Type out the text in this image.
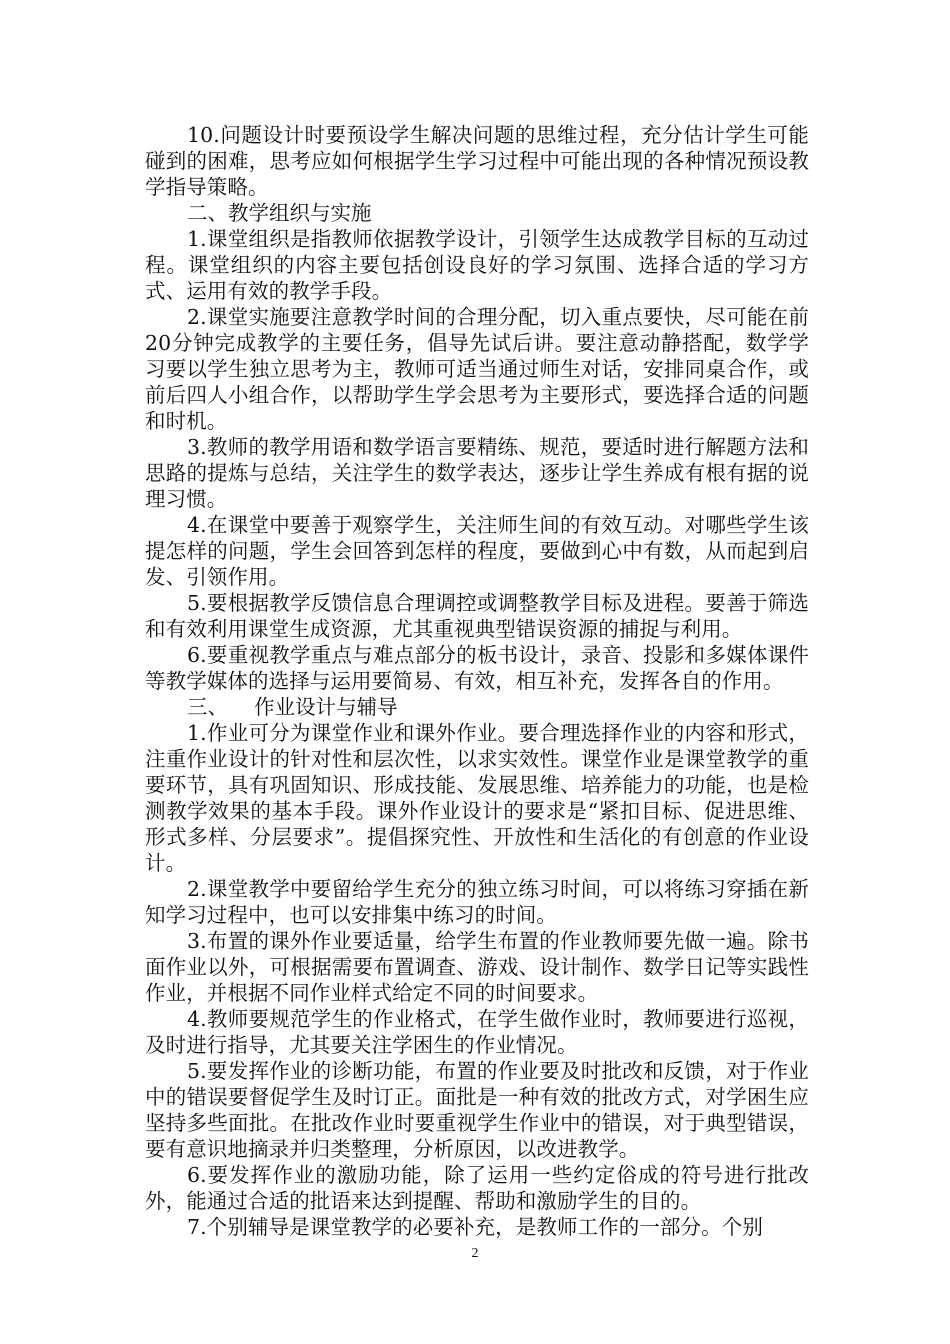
10.问题设计时要预设学生解决问题的思维过程，充分估计学生可能碰到的困难，思考应如何根据学生学习过程中可能出现的各种情况预设教学指导策略。

二、教学组织与实施

1.课堂组织是指教师依据教学设计，引领学生达成教学目标的互动过程。课堂组织的内容主要包括创设良好的学习氛围、选择合适的学习方式、运用有效的教学手段。

2.课堂实施要注意教学时间的合理分配，切入重点要快，尽可能在前20分钟完成教学的主要任务，倡导先试后讲。要注意动静搭配，数学学习要以学生独立思考为主，教师可适当通过师生对话，安排同桌合作，或前后四人小组合作，以帮助学生学会思考为主要形式，要选择合适的问题和时机。

3.教师的教学用语和数学语言要精练、规范，要适时进行解题方法和思路的提炼与总结，关注学生的数学表达，逐步让学生养成有根有据的说理习惯。

4.在课堂中要善于观察学生，关注师生间的有效互动。对哪些学生该提怎样的问题，学生会回答到怎样的程度，要做到心中有数，从而起到启发、引领作用。

5.要根据教学反馈信息合理调控或调整教学目标及进程。要善于筛选和有效利用课堂生成资源，尤其重视典型错误资源的捕捉与利用。

6.要重视教学重点与难点部分的板书设计，录音、投影和多媒体课件等教学媒体的选择与运用要简易、有效，相互补充，发挥各自的作用。

三、    作业设计与辅导

1.作业可分为课堂作业和课外作业。要合理选择作业的内容和形式，注重作业设计的针对性和层次性，以求实效性。课堂作业是课堂教学的重要环节，具有巩固知识、形成技能、发展思维、培养能力的功能，也是检测教学效果的基本手段。课外作业设计的要求是“紧扣目标、促进思维、形式多样、分层要求”。提倡探究性、开放性和生活化的有创意的作业设计。

2.课堂教学中要留给学生充分的独立练习时间，可以将练习穿插在新知学习过程中，也可以安排集中练习的时间。

3.布置的课外作业要适量，给学生布置的作业教师要先做一遍。除书面作业以外，可根据需要布置调查、游戏、设计制作、数学日记等实践性作业，并根据不同作业样式给定不同的时间要求。

4.教师要规范学生的作业格式，在学生做作业时，教师要进行巡视，及时进行指导，尤其要关注学困生的作业情况。

5.要发挥作业的诊断功能，布置的作业要及时批改和反馈，对于作业中的错误要督促学生及时订正。面批是一种有效的批改方式，对学困生应坚持多些面批。在批改作业时要重视学生作业中的错误，对于典型错误，要有意识地摘录并归类整理，分析原因，以改进教学。

6.要发挥作业的激励功能，除了运用一些约定俗成的符号进行批改外，能通过合适的批语来达到提醒、帮助和激励学生的目的。

7.个别辅导是课堂教学的必要补充，是教师工作的一部分。个别

2
